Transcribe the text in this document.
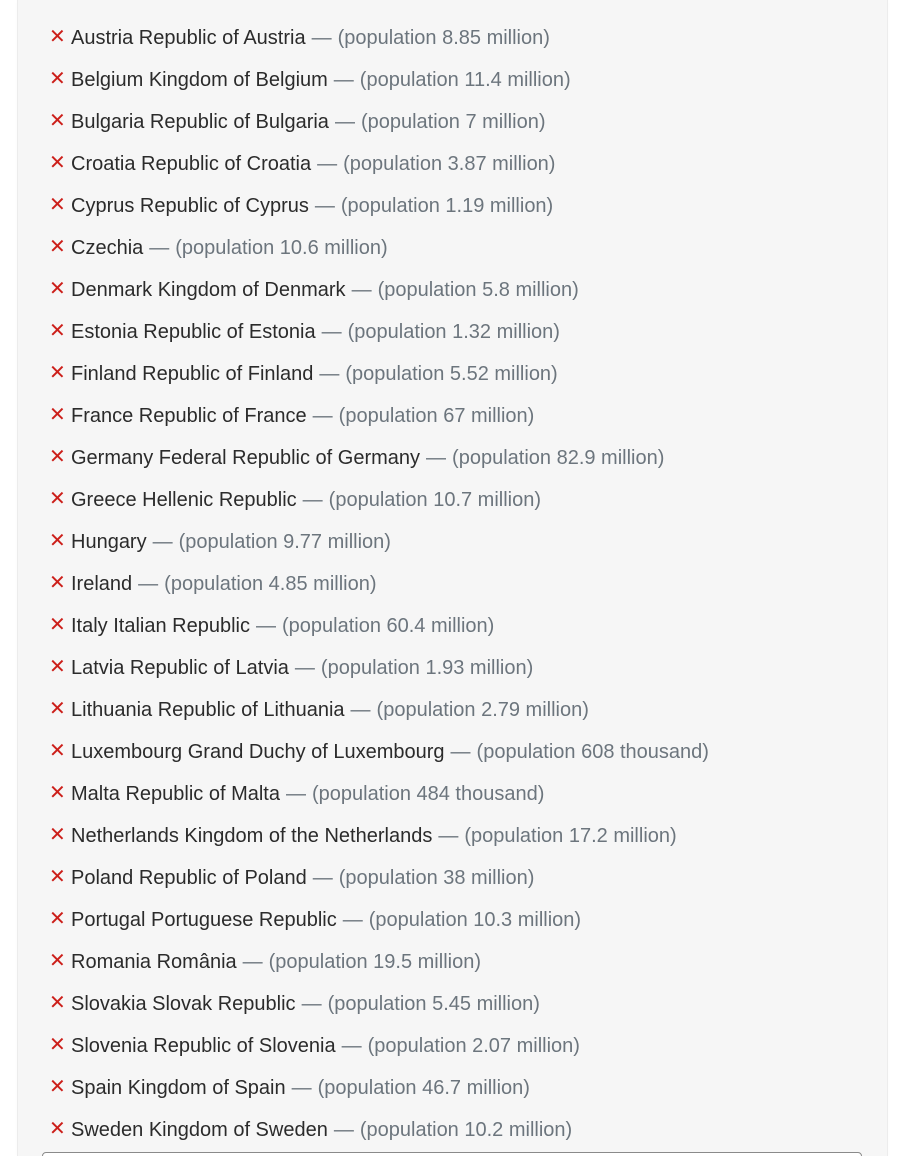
✕ Austria Republic of Austria — (population 8.85 million)
✕ Belgium Kingdom of Belgium — (population 11.4 million)
✕ Bulgaria Republic of Bulgaria — (population 7 million)
✕ Croatia Republic of Croatia — (population 3.87 million)
✕ Cyprus Republic of Cyprus — (population 1.19 million)
✕ Czechia — (population 10.6 million)
✕ Denmark Kingdom of Denmark — (population 5.8 million)
✕ Estonia Republic of Estonia — (population 1.32 million)
✕ Finland Republic of Finland — (population 5.52 million)
✕ France Republic of France — (population 67 million)
✕ Germany Federal Republic of Germany — (population 82.9 million)
✕ Greece Hellenic Republic — (population 10.7 million)
✕ Hungary — (population 9.77 million)
✕ Ireland — (population 4.85 million)
✕ Italy Italian Republic — (population 60.4 million)
✕ Latvia Republic of Latvia — (population 1.93 million)
✕ Lithuania Republic of Lithuania — (population 2.79 million)
✕ Luxembourg Grand Duchy of Luxembourg — (population 608 thousand)
✕ Malta Republic of Malta — (population 484 thousand)
✕ Netherlands Kingdom of the Netherlands — (population 17.2 million)
✕ Poland Republic of Poland — (population 38 million)
✕ Portugal Portuguese Republic — (population 10.3 million)
✕ Romania România — (population 19.5 million)
✕ Slovakia Slovak Republic — (population 5.45 million)
✕ Slovenia Republic of Slovenia — (population 2.07 million)
✕ Spain Kingdom of Spain — (population 46.7 million)
✕ Sweden Kingdom of Sweden — (population 10.2 million)
